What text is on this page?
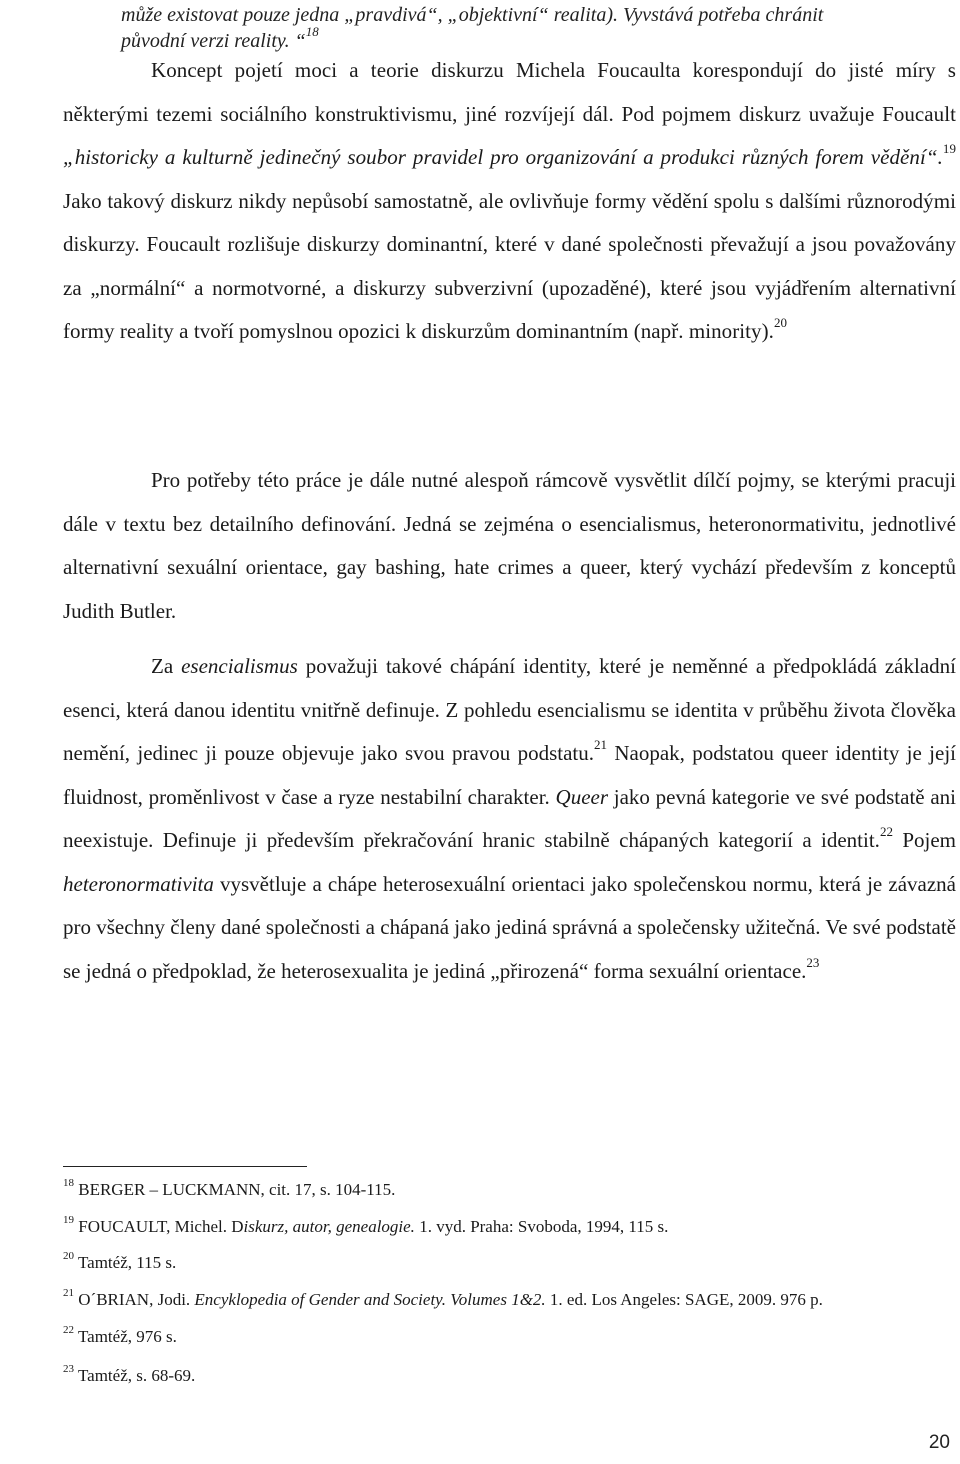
může existovat pouze jedna „pravdivá“, „objektivní“ realita). Vyvstává potřeba chránit
původní verzi reality. “$^{18}$

Koncept pojetí moci a teorie diskurzu Michela Foucaulta korespondují do jisté míry s některými tezemi sociálního konstruktivismu, jiné rozvíjejí dál. Pod pojmem diskurz uvažuje Foucault „historicky a kulturně jedinečný soubor pravidel pro organizování a produkci různých forem vědění“.$^{19}$ Jako takový diskurz nikdy nepůsobí samostatně, ale ovlivňuje formy vědění spolu s dalšími různorodými diskurzy. Foucault rozlišuje diskurzy dominantní, které v dané společnosti převažují a jsou považovány za „normální“ a normotvorné, a diskurzy subverzivní (upozaděné), které jsou vyjádřením alternativní formy reality a tvoří pomyslnou opozici k diskurzům dominantním (např. minority).$^{20}$

Pro potřeby této práce je dále nutné alespoň rámcově vysvětlit dílčí pojmy, se kterými pracuji dále v textu bez detailního definování. Jedná se zejména o esencialismus, heteronormativitu, jednotlivé alternativní sexuální orientace, gay bashing, hate crimes a queer, který vychází především z konceptů Judith Butler.

Za esencialismus považuji takové chápání identity, které je neměnné a předpokládá základní esenci, která danou identitu vnitřně definuje. Z pohledu esencialismu se identita v průběhu života člověka nemění, jedinec ji pouze objevuje jako svou pravou podstatu.$^{21}$ Naopak, podstatou queer identity je její fluidnost, proměnlivost v čase a ryze nestabilní charakter. Queer jako pevná kategorie ve své podstatě ani neexistuje. Definuje ji především překračování hranic stabilně chápaných kategorií a identit.$^{22}$ Pojem heteronormativita vysvětluje a chápe heterosexuální orientaci jako společenskou normu, která je závazná pro všechny členy dané společnosti a chápaná jako jediná správná a společensky užitečná. Ve své podstatě se jedná o předpoklad, že heterosexualita je jediná „přirozená“ forma sexuální orientace.$^{23}$

$^{18}$ BERGER – LUCKMANN, cit. 17, s. 104-115.

$^{19}$ FOUCAULT, Michel. Diskurz, autor, genealogie. 1. vyd. Praha: Svoboda, 1994, 115 s.

$^{20}$ Tamtéž, 115 s.

$^{21}$ O´BRIAN, Jodi. Encyklopedia of Gender and Society. Volumes 1&2. 1. ed. Los Angeles: SAGE, 2009. 976 p.

$^{22}$ Tamtéž, 976 s.

$^{23}$ Tamtéž, s. 68-69.

20
